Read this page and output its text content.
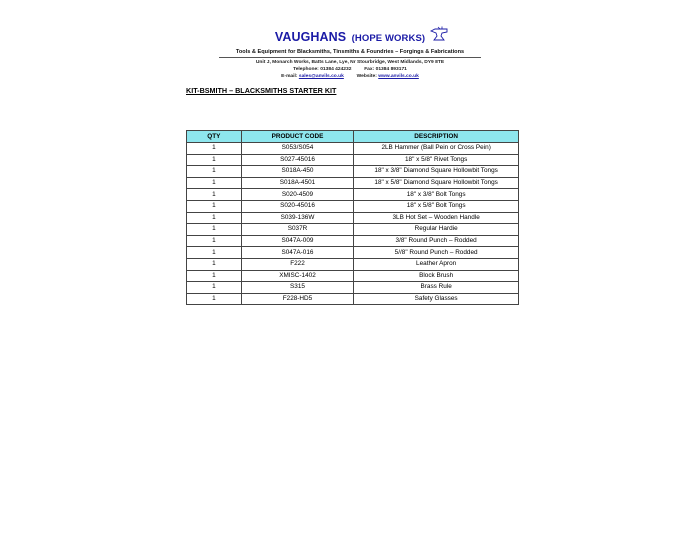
VAUGHANS (HOPE WORKS)
Tools & Equipment for Blacksmiths, Tinsmiths & Foundries – Forgings & Fabrications
Unit J, Monarch Works, Batts Lane, Lye, Nr Stourbridge, West Midlands, DY9 8TE
Telephone: 01384 424232	Fax: 01384 893171
E-mail: sales@anvils.co.uk	Website: www.anvils.co.uk
KIT-BSMITH – BLACKSMITHS STARTER KIT
QTY	PRODUCT CODE	DESCRIPTION
1	S053/S054	2LB Hammer (Ball Pein or Cross Pein)
1	S027-45016	18" x 5/8" Rivet Tongs
1	S018A-450	18" x 3/8" Diamond Square Hollowbit Tongs
1	S018A-4501	18" x 5/8" Diamond Square Hollowbit Tongs
1	S020-4509	18" x 3/8" Bolt Tongs
1	S020-45016	18" x 5/8" Bolt Tongs
1	S039-136W	3LB Hot Set – Wooden Handle
1	S037R	Regular Hardie
1	S047A-009	3/8" Round Punch – Rodded
1	S047A-016	5//8" Round Punch – Rodded
1	F222	Leather Apron
1	XMISC-1402	Block Brush
1	S315	Brass Rule
1	F228-HD5	Safety Glasses
